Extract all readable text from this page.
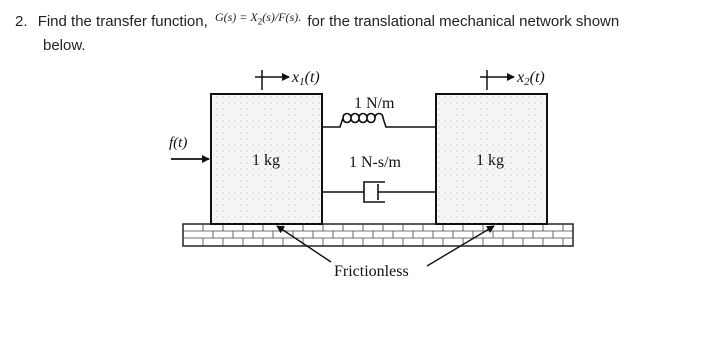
2. Find the transfer function, $^{G(s) = X_2(s)/F(s).}$ for the translational mechanical network shown
below.
f(t)
x1(t)	x2(t)
1 N/m
1 N-s/m
1 kg	1 kg
Frictionless
